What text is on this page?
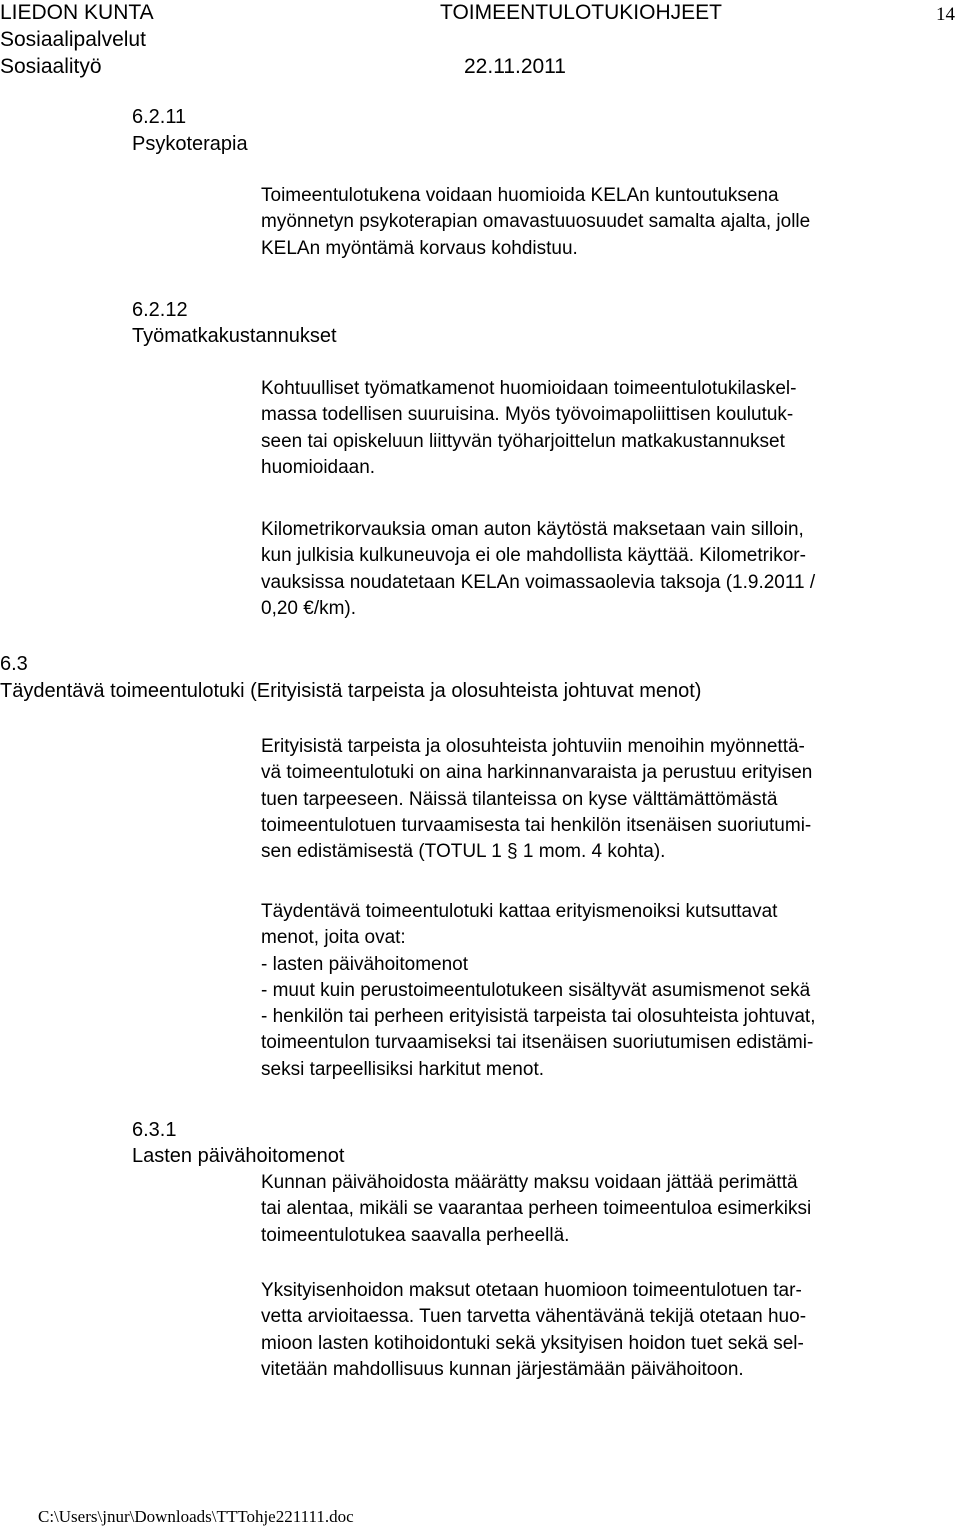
LIEDON KUNTA	TOIMEENTULOTUKIOHJEET	14
Sosiaalipalvelut
Sosiaalityö	22.11.2011
6.2.11
Psykoterapia
Toimeentulotukena voidaan huomioida KELAn kuntoutuksena
myönnetyn psykoterapian omavastuuosuudet samalta ajalta, jolle
KELAn myöntämä korvaus kohdistuu.
6.2.12
Työmatkakustannukset
Kohtuulliset työmatkamenot huomioidaan toimeentulotukilaskel-
massa todellisen suuruisina. Myös työvoimapoliittisen koulutuk-
seen tai opiskeluun liittyvän työharjoittelun matkakustannukset
huomioidaan.
Kilometrikorvauksia oman auton käytöstä maksetaan vain silloin,
kun julkisia kulkuneuvoja ei ole mahdollista käyttää. Kilometrikor-
vauksissa noudatetaan KELAn voimassaolevia taksoja (1.9.2011 /
0,20 €/km).
6.3
Täydentävä toimeentulotuki (Erityisistä tarpeista ja olosuhteista johtuvat menot)
Erityisistä tarpeista ja olosuhteista johtuviin menoihin myönnettä-
vä toimeentulotuki on aina harkinnanvaraista ja perustuu erityisen
tuen tarpeeseen. Näissä tilanteissa on kyse välttämättömästä
toimeentulotuen turvaamisesta tai henkilön itsenäisen suoriutumi-
sen edistämisestä (TOTUL 1 § 1 mom. 4 kohta).
Täydentävä toimeentulotuki kattaa erityismenoiksi kutsuttavat
menot, joita ovat:
- lasten päivähoitomenot
- muut kuin perustoimeentulotukeen sisältyvät asumismenot sekä
- henkilön tai perheen erityisistä tarpeista tai olosuhteista johtuvat,
toimeentulon turvaamiseksi tai itsenäisen suoriutumisen edistämi-
seksi tarpeellisiksi harkitut menot.
6.3.1
Lasten päivähoitomenot
Kunnan päivähoidosta määrätty maksu voidaan jättää perimättä
tai alentaa, mikäli se vaarantaa perheen toimeentuloa esimerkiksi
toimeentulotukea saavalla perheellä.
Yksityisenhoidon maksut otetaan huomioon toimeentulotuen tar-
vetta arvioitaessa. Tuen tarvetta vähentävänä tekijä otetaan huo-
mioon lasten kotihoidontuki sekä yksityisen hoidon tuet sekä sel-
vitetään mahdollisuus kunnan järjestämään päivähoitoon.
C:\Users\jnur\Downloads\TTTohje221111.doc
